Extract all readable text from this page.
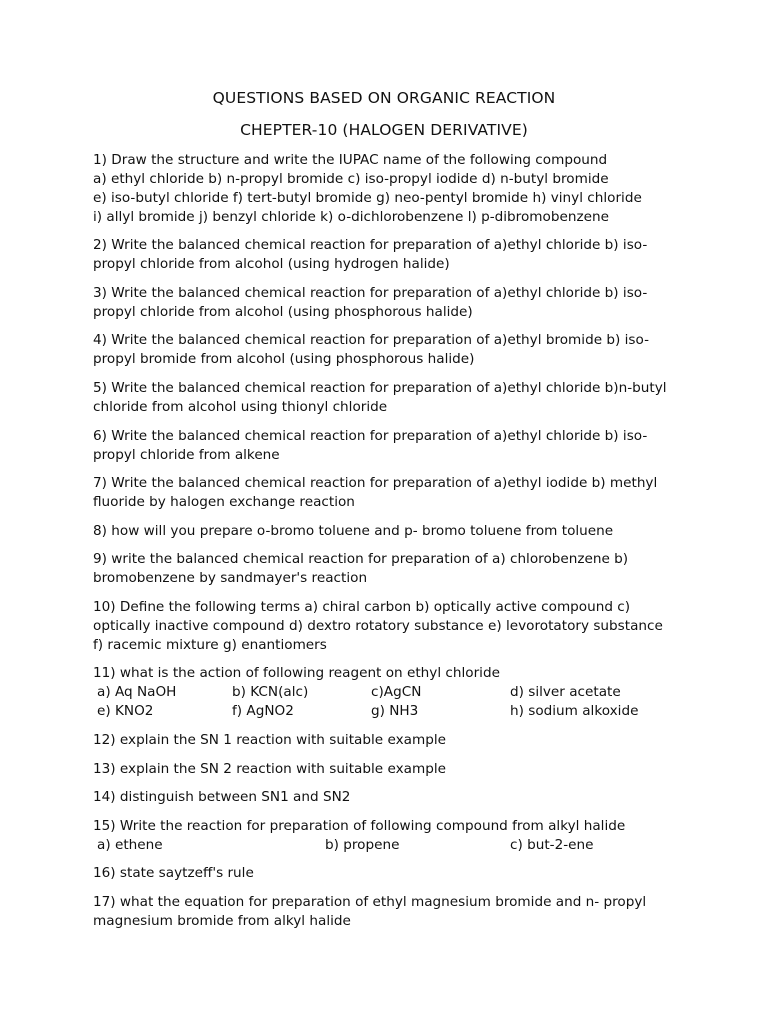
QUESTIONS BASED ON ORGANIC REACTION
CHEPTER-10 (HALOGEN DERIVATIVE)
1) Draw the structure and write the IUPAC name of the following compound
a) ethyl chloride b) n-propyl bromide c) iso-propyl iodide d) n-butyl bromide
e) iso-butyl chloride f) tert-butyl bromide g) neo-pentyl bromide h) vinyl chloride
i) allyl bromide j) benzyl chloride k) o-dichlorobenzene l) p-dibromobenzene
2) Write the balanced chemical reaction for preparation of a)ethyl chloride b) iso-
propyl chloride from alcohol (using hydrogen halide)
3) Write the balanced chemical reaction for preparation of a)ethyl chloride b) iso-
propyl chloride from alcohol (using phosphorous halide)
4) Write the balanced chemical reaction for preparation of a)ethyl bromide b) iso-
propyl bromide from alcohol (using phosphorous halide)
5) Write the balanced chemical reaction for preparation of a)ethyl chloride b)n-butyl
chloride from alcohol using thionyl chloride
6) Write the balanced chemical reaction for preparation of a)ethyl chloride b) iso-
propyl chloride from alkene
7) Write the balanced chemical reaction for preparation of a)ethyl iodide b) methyl
fluoride by halogen exchange reaction
8) how will you prepare o-bromo toluene and p- bromo toluene from toluene
9) write the balanced chemical reaction for preparation of a) chlorobenzene b)
bromobenzene by sandmayer's reaction
10) Define the following terms a) chiral carbon b) optically active compound c)
optically inactive compound d) dextro rotatory substance e) levorotatory substance
f) racemic mixture g) enantiomers
11) what is the action of following reagent on ethyl chloride
a) Aq NaOH	b) KCN(alc)	c)AgCN	d) silver acetate
e) KNO2	f) AgNO2	g) NH3	h) sodium alkoxide
12) explain the SN 1 reaction with suitable example
13) explain the SN 2 reaction with suitable example
14) distinguish between SN1 and SN2
15) Write the reaction for preparation of following compound from alkyl halide
a) ethene	b) propene	c) but-2-ene
16) state saytzeff's rule
17) what the equation for preparation of ethyl magnesium bromide and n- propyl
magnesium bromide from alkyl halide
